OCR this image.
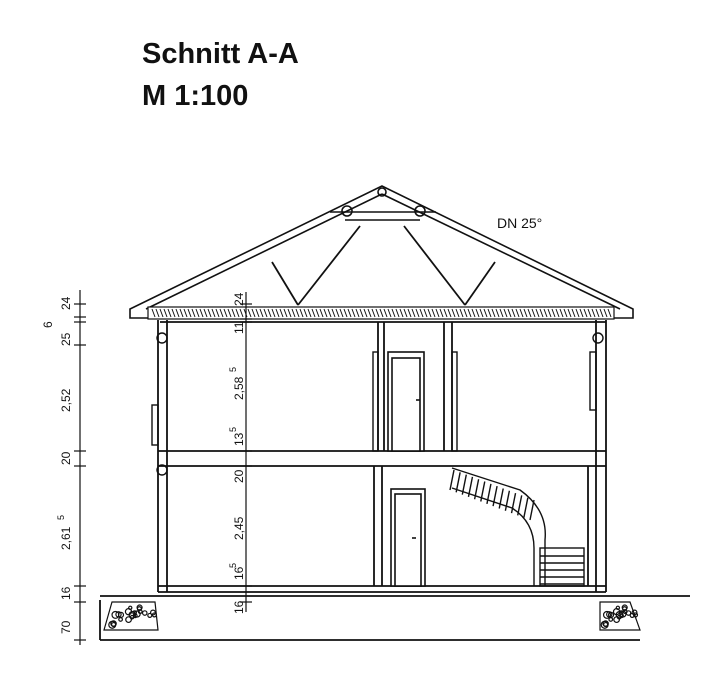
Schnitt A-A
M 1:100
24
6
25
2,52
20
2,61
5
16
70
24
11
2,58
5
13
5
20
2,45
16
5
16
DN 25°
